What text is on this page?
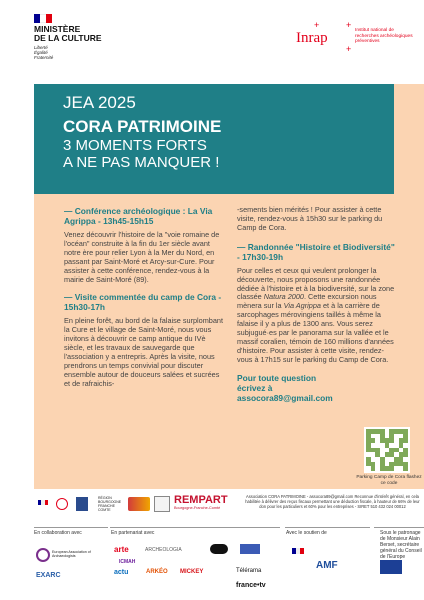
MINISTÈRE
DE LA CULTURE
Liberté
Égalité
Fraternité
+	+
+
Inrap	Institut national de recherches archéologiques préventives
JEA 2025
CORA PATRIMOINE
3 MOMENTS FORTS
A NE PAS MANQUER !
— Conférence archéologique : La Via Agrippa - 13h45-15h15

Venez découvrir l'histoire de la "voie romaine de l'océan" construite à la fin du 1er siècle avant notre ère pour relier Lyon à la Mer du Nord, en passant par Saint-Moré et Arcy-sur-Cure. Pour assister à cette conférence, rendez-vous à la mairie de Saint-Moré (89).

— Visite commentée du camp de Cora - 15h30-17h

En pleine forêt, au bord de la falaise surplombant la Cure et le village de Saint-Moré, nous vous invitons à découvrir ce camp antique du IVè siècle, et les travaux de sauvegarde que l'association y a entrepris. Après la visite, nous prendrons un temps convivial pour discuter ensemble autour de douceurs salées et sucrées et de rafraichis-

-sements bien mérités ! Pour assister à cette visite, rendez-vous à 15h30 sur le parking du Camp de Cora.

— Randonnée "Histoire et Biodiversité" - 17h30-19h

Pour celles et ceux qui veulent prolonger la découverte, nous proposons une randonnée dédiée à l'histoire et à la biodiversité, sur la zone classée Natura 2000. Cette excursion nous mènera sur la Via Agrippa et à la carrière de sarcophages mérovingiens taillés à même la falaise il y a plus de 1300 ans. Vous serez subjugué·es par le panorama sur la vallée et le massif coralien, témoin de 160 millions d'années d'histoire. Pour assister à cette visite, rendez-vous à 17h15 sur le parking du Camp de Cora.

Pour toute question
écrivez à
assocora89@gmail.com
Parking Camp de Cora flashez ce code
RÉGION
BOURGOGNE
FRANCHE
COMTE
REMPART
Bourgogne-Franche-Comté
Association CORA PATRIMOINE - assocora89@gmail.com Reconnue d'intérêt général, en cela habilitée à délivrer des reçus fiscaux permettant une déduction fiscale, à hauteur de 66% de leur don pour les particuliers et 60% pour les entreprises - SIRET 510 432 024 00012
En collaboration avec	En partenariat avec	Avec le soutien de	Sous le patronage de Monsieur Alain Berset, secrétaire général du Conseil de l'Europe
European Association of Archaeologists
EXARC
arte	ARCHEOLOGIA
ICMAH
actu	ARKÉO MICKEY	Télérama
france•tv
AMF
